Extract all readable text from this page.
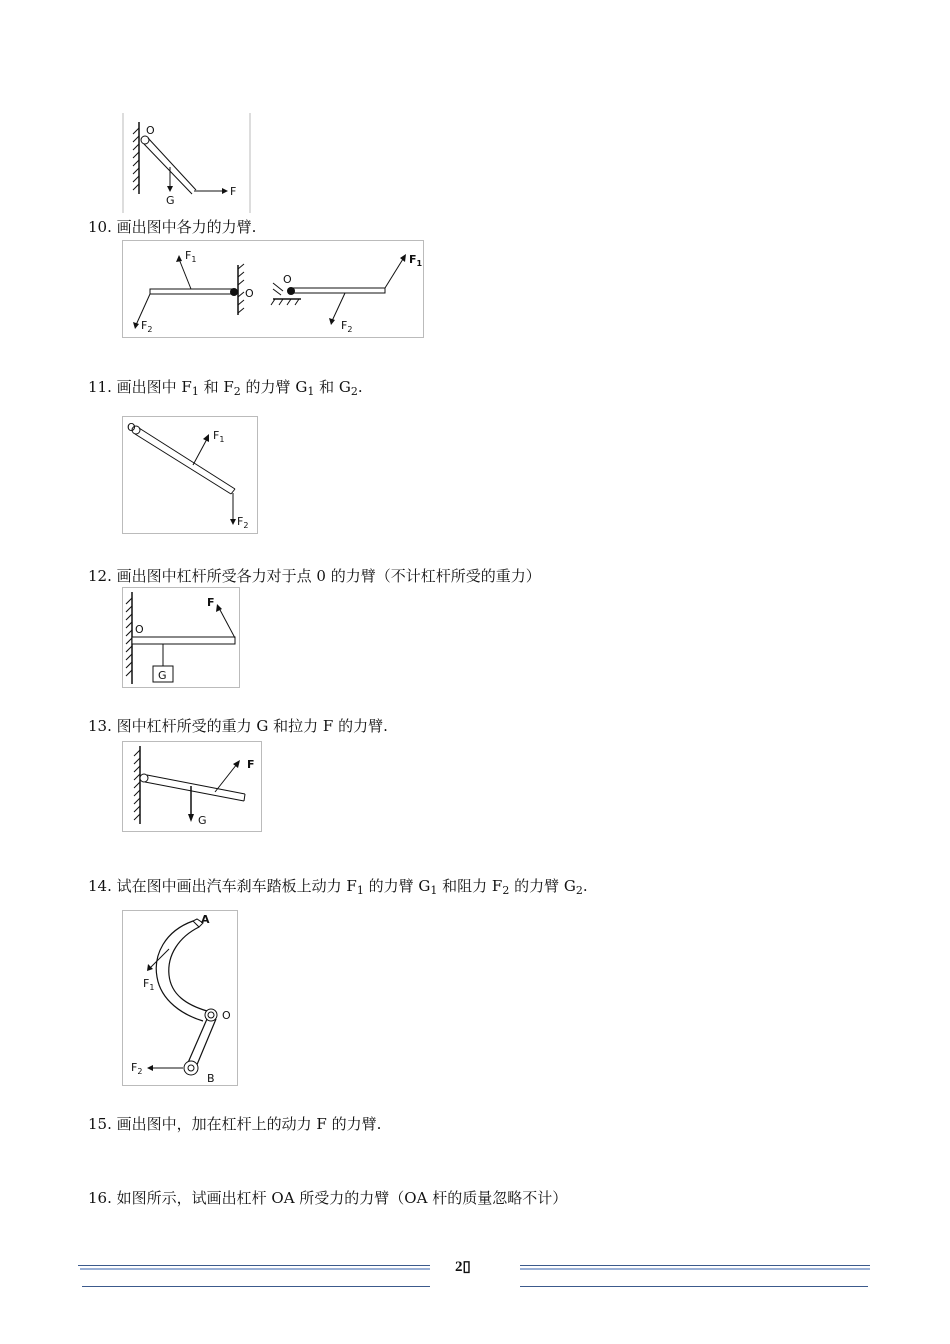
O
G
F
10. 画出图中各力的力臂.
$F_1$
$F_2$
O
$F_1$
O
$F_2$
11. 画出图中 $F_1$ 和 $F_2$ 的力臂 $G_1$ 和 $G_2$.
O
$F_1$
$F_2$
12. 画出图中杠杆所受各力对于点 0 的力臂（不计杠杆所受的重力）
F
O
G
13. 图中杠杆所受的重力 G 和拉力 F 的力臂.
F
G
14. 试在图中画出汽车刹车踏板上动力 $F_1$ 的力臂 $G_1$ 和阻力 $F_2$ 的力臂 $G_2$.
A
$F_1$
O
$F_2$
B
15. 画出图中，加在杠杆上的动力 F 的力臂.
16. 如图所示，试画出杠杆 OA 所受力的力臂（OA 杆的质量忽略不计）
2▯
